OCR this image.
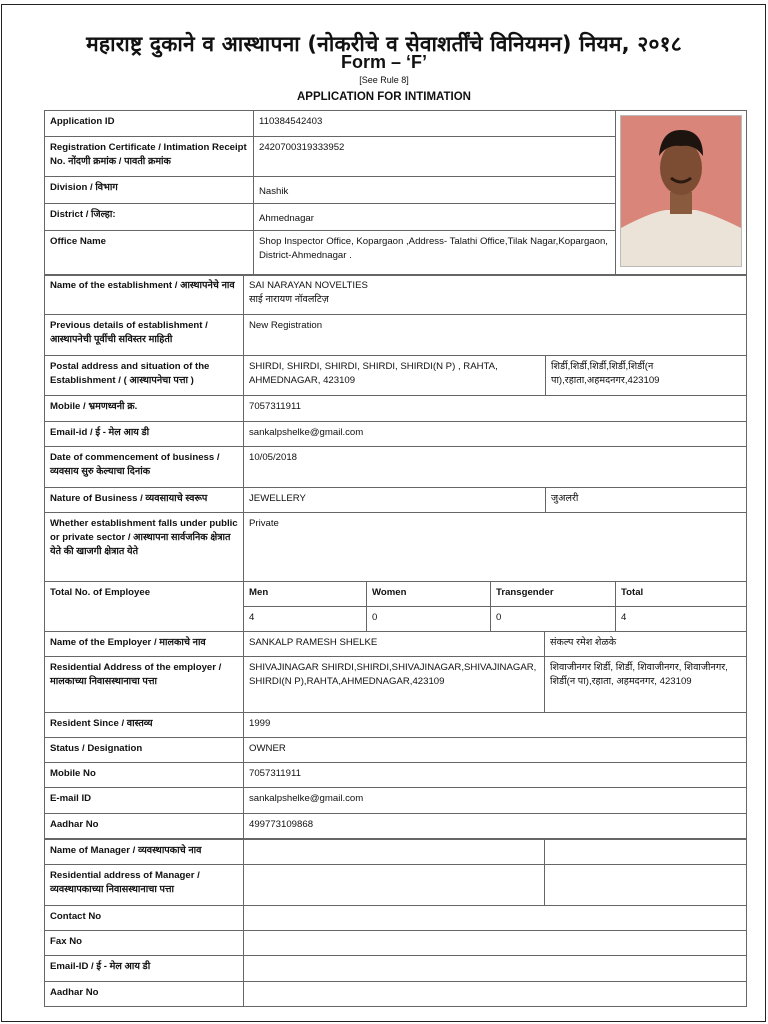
महाराष्ट्र दुकाने व आस्थापना (नोकरीचे व सेवाशर्तींचे विनियमन) नियम, २०१८
Form – ‘F’
[See Rule 8]
APPLICATION FOR INTIMATION
Application ID	110384542403	

Registration Certificate / Intimation Receipt No. नोंदणी क्रमांक / पावती क्रमांक	2420700319333952	
Division / विभाग	Nashik	
District / जिल्हा:	Ahmednagar	
Office Name	Shop Inspector Office, Kopargaon ,Address- Talathi Office,Tilak Nagar,Kopargaon, District-Ahmednagar .	
Name of the establishment / आस्थापनेचे नाव	SAI NARAYAN NOVELTIES
साई नारायण नॉवलटिज़				

Previous details of establishment / आस्थापनेची पूर्वीची सविस्तर माहिती	New Registration				
Postal address and situation of the Establishment / ( आस्थापनेचा पत्ता )	SHIRDI, SHIRDI, SHIRDI, SHIRDI, SHIRDI(N P) , RAHTA, AHMEDNAGAR, 423109			शिर्डी,शिर्डी,शिर्डी,शिर्डी,शिर्डी(न पा),रहाता,अहमदनगर,423109	
Mobile / भ्रमणध्वनी क्र.	7057311911				
Email-id / ई - मेल आय डी	sankalpshelke@gmail.com				
Date of commencement of business / व्यवसाय सुरु केल्याचा दिनांक	10/05/2018				
Nature of Business / व्यवसायाचे स्वरूप	JEWELLERY			जुअलरी	
Whether establishment falls under public or private sector / आस्थापना सार्वजनिक क्षेत्रात येते की खाजगी क्षेत्रात येते	Private				
Total No. of Employee	Men	Women	Transgender		Total
	4	0	0		4
Name of the Employer / मालकाचे नाव	SANKALP RAMESH SHELKE	संकल्प रमेश शेळके
Residential Address of the employer / मालकाच्या निवासस्थानाचा पत्ता	SHIVAJINAGAR SHIRDI,SHIRDI,SHIVAJINAGAR,SHIVAJINAGAR,SHIRDI(N P),RAHTA,AHMEDNAGAR,423109	शिवाजीनगर शिर्डी, शिर्डी, शिवाजीनगर, शिवाजीनगर, शिर्डी(न पा),रहाता, अहमदनगर, 423109
Resident Since / वास्तव्य	1999	
Status / Designation	OWNER	
Mobile No	7057311911	
E-mail ID	sankalpshelke@gmail.com	
Aadhar No	499773109868	
Name of Manager / व्यवस्थापकाचे नाव		
Residential address of Manager / व्यवस्थापकाच्या निवासस्थानाचा पत्ता		
Contact No		
Fax No		
Email-ID / ई - मेल आय डी		
Aadhar No		
